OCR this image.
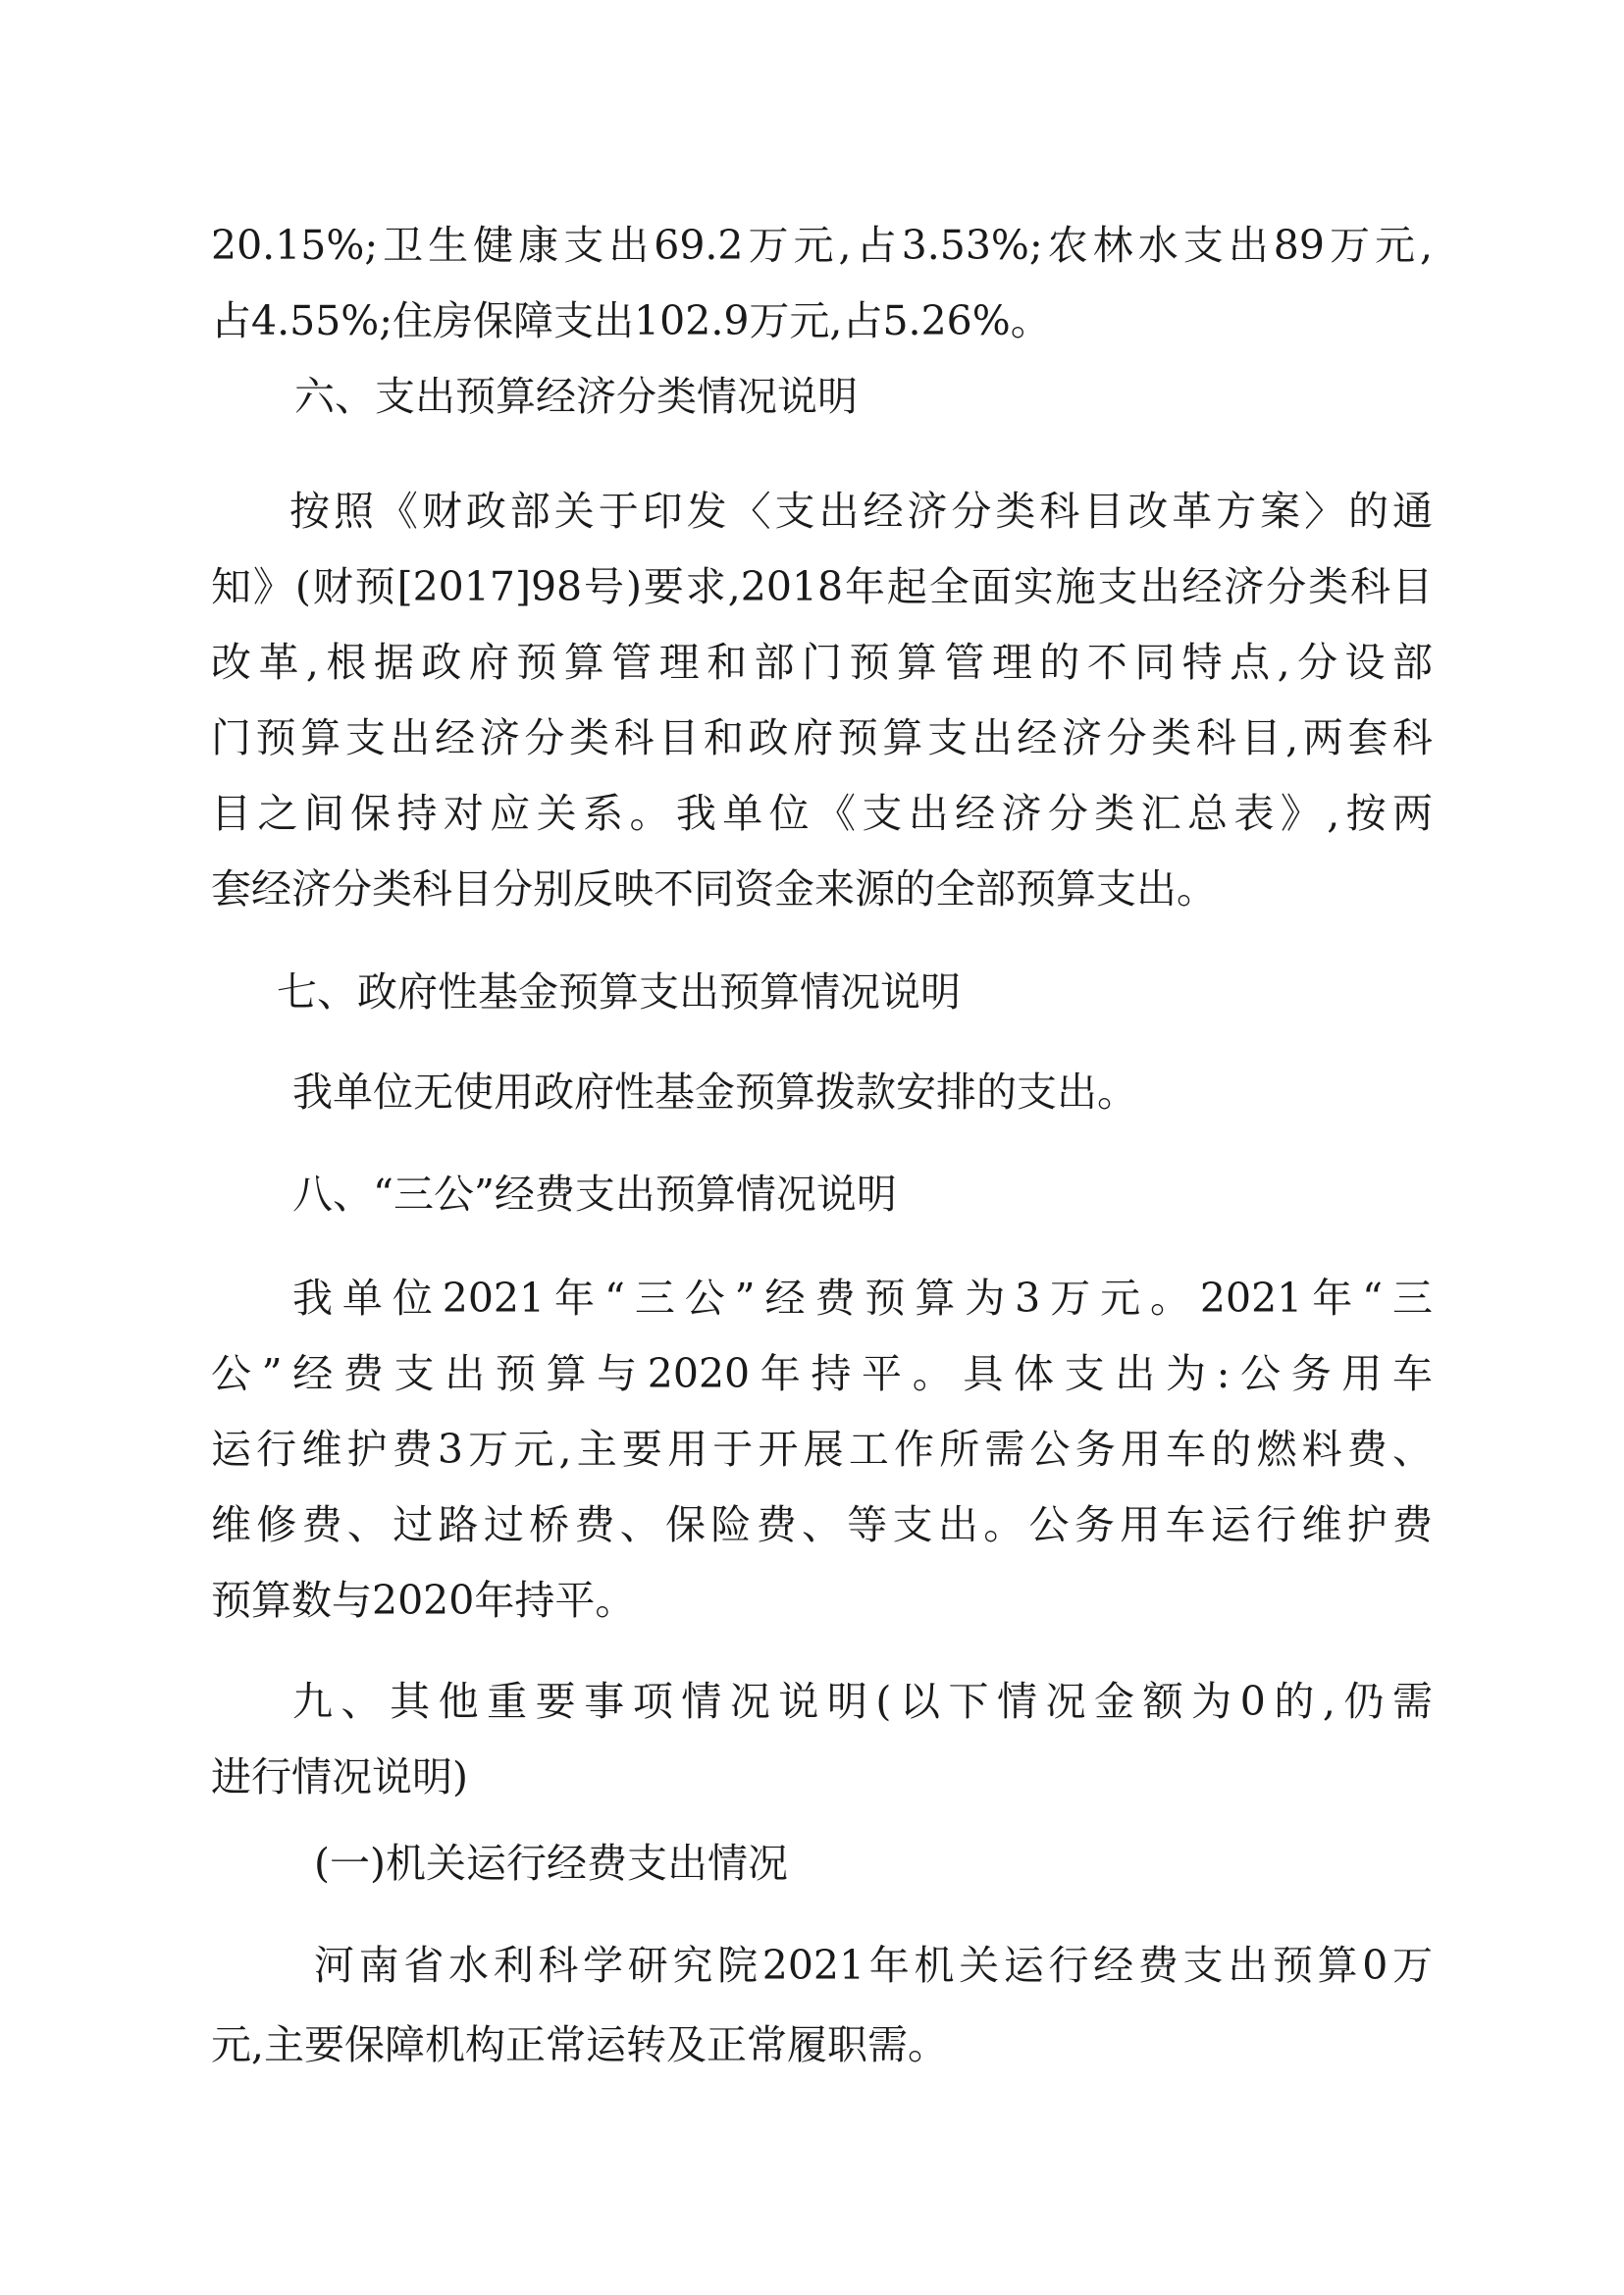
20.15%;卫生健康支出69.2万元,占3.53%;农林水支出89万元,

占4.55%;住房保障支出102.9万元,占5.26%。

六、支出预算经济分类情况说明

按照《财政部关于印发〈支出经济分类科目改革方案〉的通

知》(财预[2017]98号)要求,2018年起全面实施支出经济分类科目

改革,根据政府预算管理和部门预算管理的不同特点,分设部

门预算支出经济分类科目和政府预算支出经济分类科目,两套科

目之间保持对应关系。我单位《支出经济分类汇总表》,按两

套经济分类科目分别反映不同资金来源的全部预算支出。

七、政府性基金预算支出预算情况说明

我单位无使用政府性基金预算拨款安排的支出。

八、“三公”经费支出预算情况说明

我单位2021年“三公”经费预算为3万元。2021年“三

公”经费支出预算与2020年持平。具体支出为:公务用车

运行维护费3万元,主要用于开展工作所需公务用车的燃料费、

维修费、过路过桥费、保险费、等支出。公务用车运行维护费

预算数与2020年持平。

九、其他重要事项情况说明(以下情况金额为0的,仍需

进行情况说明)

(一)机关运行经费支出情况

河南省水利科学研究院2021年机关运行经费支出预算0万

元,主要保障机构正常运转及正常履职需。
